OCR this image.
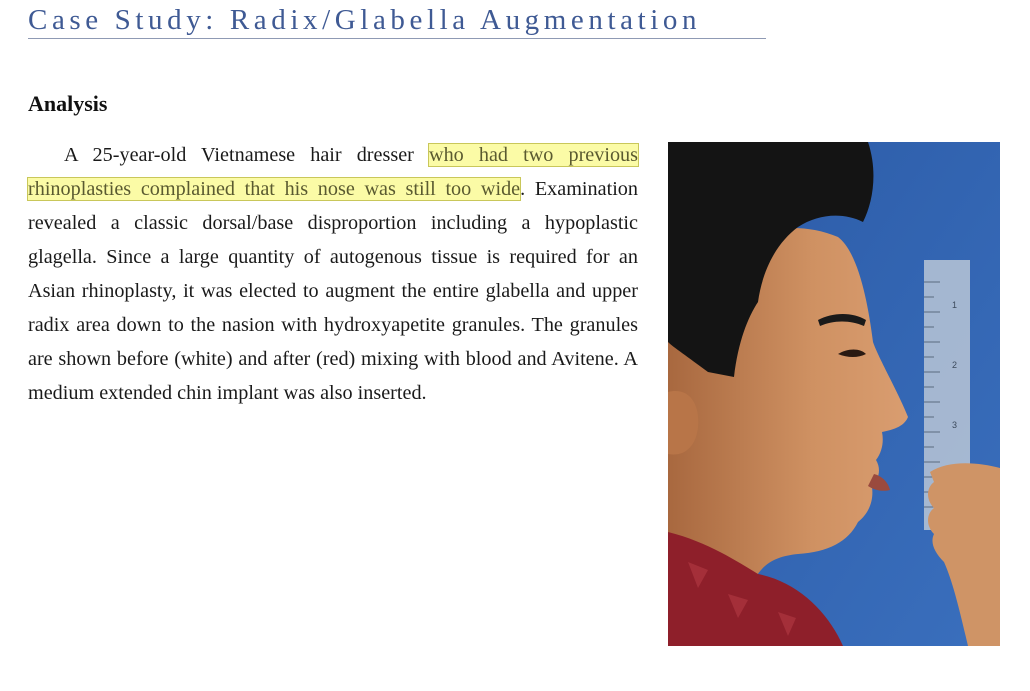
Case Study: Radix/Glabella Augmentation
Analysis

A 25-year-old Vietnamese hair dresser who had two previous rhinoplasties complained that his nose was still too wide. Examination revealed a classic dorsal/base disproportion including a hypoplastic glagella. Since a large quantity of autogenous tissue is required for an Asian rhinoplasty, it was elected to augment the entire glabella and upper radix area down to the nasion with hydroxyapetite granules. The granules are shown before (white) and after (red) mixing with blood and Avitene. A medium extended chin implant was also inserted.

1
2
3
